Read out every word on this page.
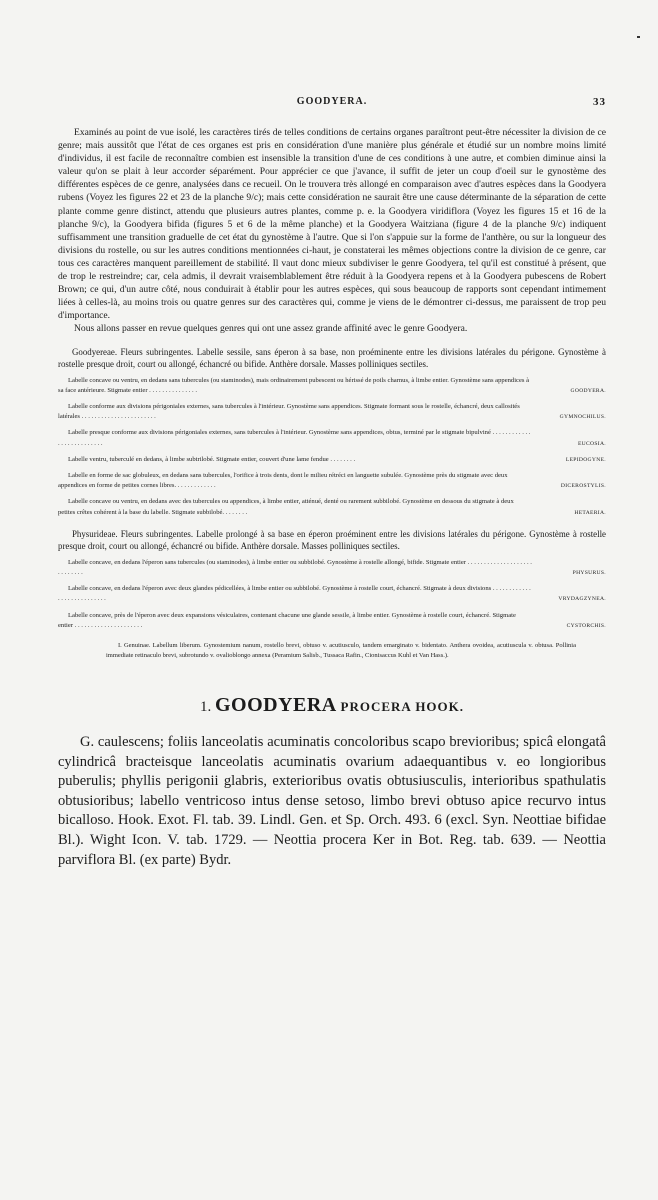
GOODYERA.	33

Examinés au point de vue isolé, les caractères tirés de telles conditions de certains organes paraîtront peut-être nécessiter la division de ce genre; mais aussitôt que l'état de ces organes est pris en considération d'une manière plus générale et étudié sur un nombre moins limité d'individus, il est facile de reconnaître combien est insensible la transition d'une de ces conditions à une autre, et combien diminue ainsi la valeur qu'on se plait à leur accorder séparément. Pour apprécier ce que j'avance, il suffit de jeter un coup d'oeil sur le gynostème des différentes espèces de ce genre, analysées dans ce recueil. On le trouvera très allongé en comparaison avec d'autres espèces dans la Goodyera rubens (Voyez les figures 22 et 23 de la planche 9/c); mais cette considération ne saurait être une cause déterminante de la séparation de cette plante comme genre distinct, attendu que plusieurs autres plantes, comme p. e. la Goodyera viridiflora (Voyez les figures 15 et 16 de la planche 9/c), la Goodyera bifida (figures 5 et 6 de la même planche) et la Goodyera Waitziana (figure 4 de la planche 9/c) indiquent suffisamment une transition graduelle de cet état du gynostème à l'autre. Que si l'on s'appuie sur la forme de l'anthère, ou sur la longueur des divisions du rostelle, ou sur les autres conditions mentionnées ci-haut, je constaterai les mêmes objections contre la division de ce genre, car tous ces caractères manquent pareillement de stabilité. Il vaut donc mieux subdiviser le genre Goodyera, tel qu'il est constitué à présent, que de trop le restreindre; car, cela admis, il devrait vraisemblablement être réduit à la Goodyera repens et à la Goodyera pubescens de Robert Brown; ce qui, d'un autre côté, nous conduirait à établir pour les autres espèces, qui sous beaucoup de rapports sont cependant intimement liées à celles-là, au moins trois ou quatre genres sur des caractères qui, comme je viens de le démontrer ci-dessus, me paraissent de trop peu d'importance.

Nous allons passer en revue quelques genres qui ont une assez grande affinité avec le genre Goodyera.

Goodyereae. Fleurs subringentes. Labelle sessile, sans éperon à sa base, non proéminente entre les divisions latérales du périgone. Gynostème à rostelle presque droit, court ou allongé, échancré ou bifide. Anthère dorsale. Masses polliniques sectiles.
Labelle concave ou ventru, en dedans sans tubercules (ou staminodes), mais ordinairement pubescent ou hérissé de poils charnus, à limbe entier. Gynostème sans appendices à sa face antérieure. Stigmate entier . . . . . . . . . . . . . . .	GOODYERA.
Labelle conforme aux divisions périgoniales externes, sans tubercules à l'intérieur. Gynostème sans appendices. Stigmate formant sous le rostelle, échancré, deux callosités latérales . . . . . . . . . . . . . . . . . . . . . . .	GYMNOCHILUS.
Labelle presque conforme aux divisions périgoniales externes, sans tubercules à l'intérieur. Gynostème sans appendices, obtus, terminé par le stigmate bipulviné . . . . . . . . . . . . . . . . . . . . . . . . . .	EUCOSIA.
Labelle ventru, tuberculé en dedans, à limbe subtrilobé. Stigmate entier, couvert d'une lame fendue . . . . . . . .	LEPIDOGYNE.
Labelle en forme de sac globuleux, en dedans sans tubercules, l'orifice à trois dents, dont le milieu rétréci en languette subulée. Gynostème près du stigmate avec deux appendices en forme de petites cornes libres. . . . . . . . . . . . .	DICEROSTYLIS.
Labelle concave ou ventru, en dedans avec des tubercules ou appendices, à limbe entier, atténué, denté ou rarement subbilobé. Gynostème en dessous du stigmate à deux petites crêtes cohérent à la base du labelle. Stigmate subbilobé. . . . . . . .	HETAERIA.
Physurideae. Fleurs subringentes. Labelle prolongé à sa base en éperon proéminent entre les divisions latérales du périgone. Gynostème à rostelle presque droit, court ou allongé, échancré ou bifide. Anthère dorsale. Masses polliniques sectiles.
Labelle concave, en dedans l'éperon sans tubercules (ou staminodes), à limbe entier ou subbilobé. Gynostème à rostelle allongé, bifide. Stigmate entier . . . . . . . . . . . . . . . . . . . . . . . . . . . .	PHYSURUS.
Labelle concave, en dedans l'éperon avec deux glandes pédicellées, à limbe entier ou subbilobé. Gynostème à rostelle court, échancré. Stigmate à deux divisions . . . . . . . . . . . . . . . . . . . . . . . . . . .	VRYDAGZYNEA.
Labelle concave, près de l'éperon avec deux expansions vésiculaires, contenant chacune une glande sessile, à limbe entier. Gynostème à rostelle court, échancré. Stigmate entier . . . . . . . . . . . . . . . . . . . . .	CYSTORCHIS.
I. Genuinae. Labellum liberum. Gynostemium nanum, rostello brevi, obtuso v. acutiusculo, tandem emarginato v. bidentato. Anthera ovoidea, acutiuscula v. obtusa. Pollinia immediate retinaculo brevi, subrotundo v. ovalioblongo annexa (Peramium Salisb., Tussaca Rafin., Cionisaccus Kuhl et Van Hass.).
1. GOODYERA PROCERA HOOK.
G. caulescens; foliis lanceolatis acuminatis concoloribus scapo brevioribus; spicâ elongatâ cylindricâ bracteisque lanceolatis acuminatis ovarium adaequantibus v. eo longioribus puberulis; phyllis perigonii glabris, exterioribus ovatis obtusiusculis, interioribus spathulatis obtusioribus; labello ventricoso intus dense setoso, limbo brevi obtuso apice recurvo intus bicalloso. Hook. Exot. Fl. tab. 39. Lindl. Gen. et Sp. Orch. 493. 6 (excl. Syn. Neottiae bifidae Bl.). Wight Icon. V. tab. 1729. — Neottia procera Ker in Bot. Reg. tab. 639. — Neottia parviflora Bl. (ex parte) Bydr.
